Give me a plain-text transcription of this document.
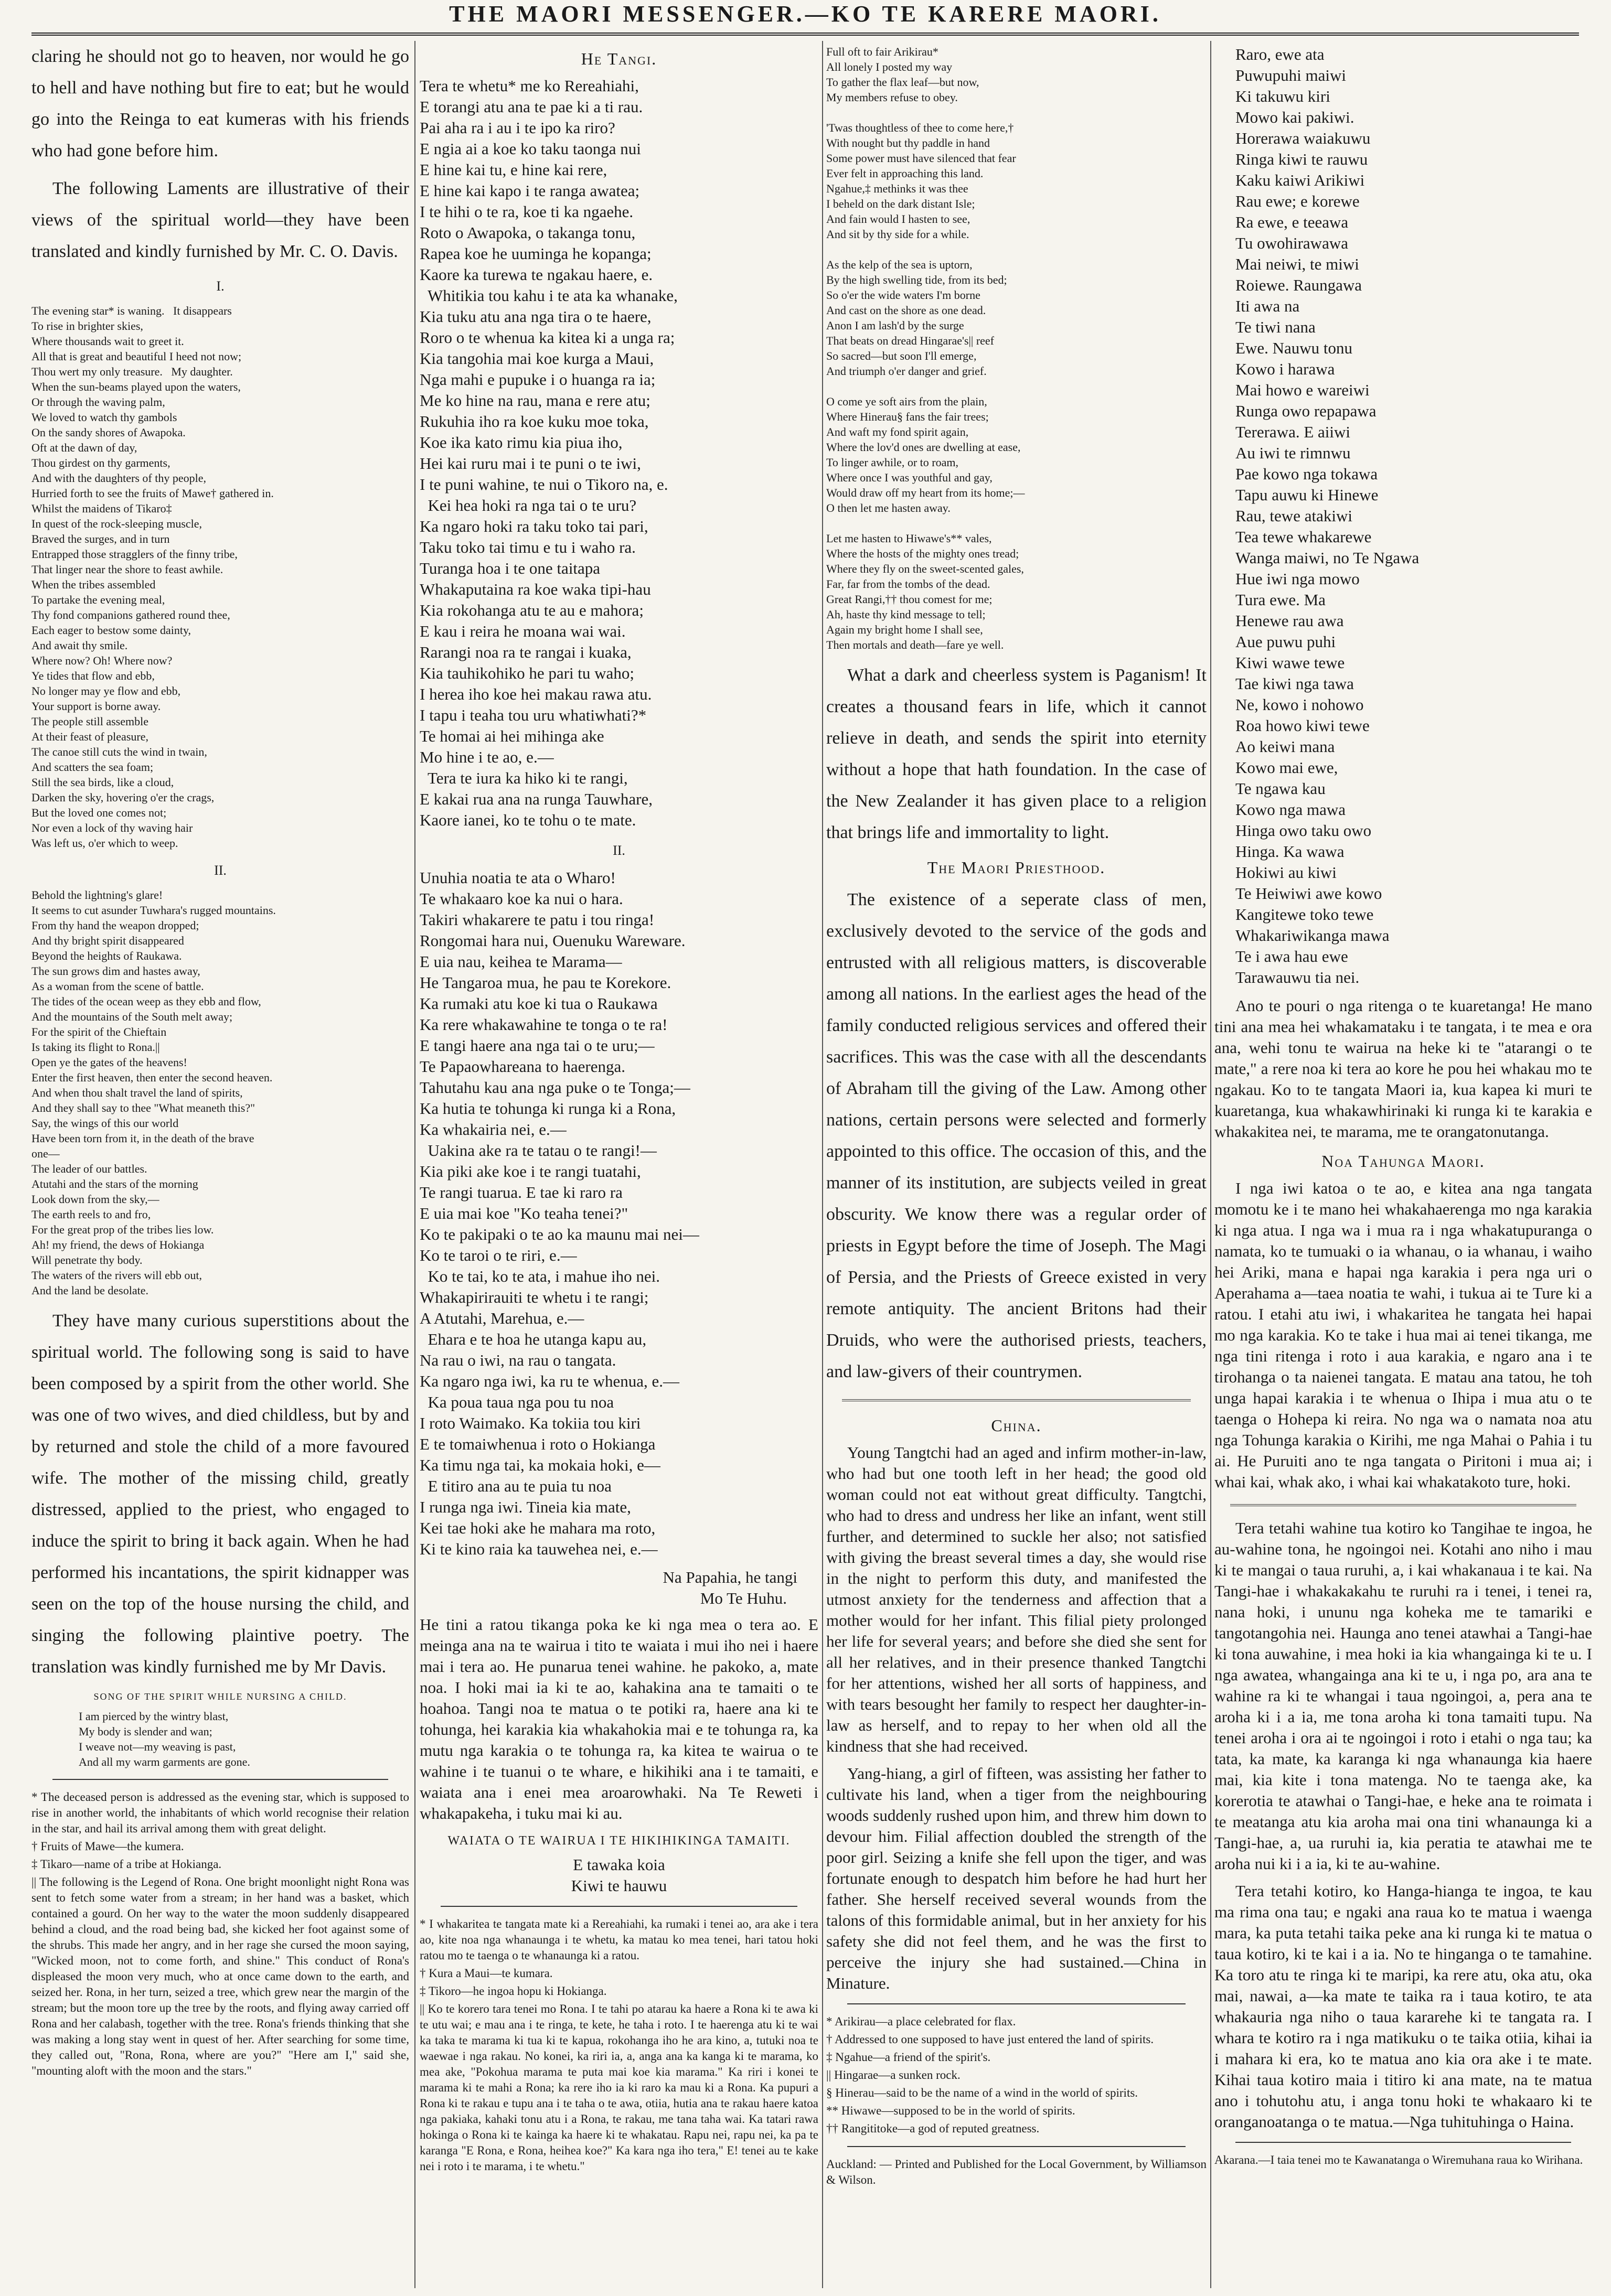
THE MAORI MESSENGER.—KO TE KARERE MAORI.

claring he should not go to heaven, nor would he go to hell and have nothing but fire to eat; but he would go into the Reinga to eat kumeras with his friends who had gone before him.

The following Laments are illustrative of their views of the spiritual world—they have been translated and kindly furnished by Mr. C. O. Davis.

I.
The evening star* is waning.   It disappears
To rise in brighter skies,
Where thousands wait to greet it.
All that is great and beautiful I heed not now;
Thou wert my only treasure.   My daughter.
When the sun-beams played upon the waters,
Or through the waving palm,
We loved to watch thy gambols
On the sandy shores of Awapoka.
Oft at the dawn of day,
Thou girdest on thy garments,
And with the daughters of thy people,
Hurried forth to see the fruits of Mawe† gathered in.
Whilst the maidens of Tikaro‡
In quest of the rock-sleeping muscle,
Braved the surges, and in turn
Entrapped those stragglers of the finny tribe,
That linger near the shore to feast awhile.
When the tribes assembled
To partake the evening meal,
Thy fond companions gathered round thee,
Each eager to bestow some dainty,
And await thy smile.
Where now? Oh! Where now?
Ye tides that flow and ebb,
No longer may ye flow and ebb,
Your support is borne away.
The people still assemble
At their feast of pleasure,
The canoe still cuts the wind in twain,
And scatters the sea foam;
Still the sea birds, like a cloud,
Darken the sky, hovering o'er the crags,
But the loved one comes not;
Nor even a lock of thy waving hair
Was left us, o'er which to weep.
II.
Behold the lightning's glare!
It seems to cut asunder Tuwhara's rugged mountains.
From thy hand the weapon dropped;
And thy bright spirit disappeared
Beyond the heights of Raukawa.
The sun grows dim and hastes away,
As a woman from the scene of battle.
The tides of the ocean weep as they ebb and flow,
And the mountains of the South melt away;
For the spirit of the Chieftain
Is taking its flight to Rona.||
Open ye the gates of the heavens!
Enter the first heaven, then enter the second heaven.
And when thou shalt travel the land of spirits,
And they shall say to thee "What meaneth this?"
Say, the wings of this our world
Have been torn from it, in the death of the brave
one—
The leader of our battles.
Atutahi and the stars of the morning
Look down from the sky,—
The earth reels to and fro,
For the great prop of the tribes lies low.
Ah! my friend, the dews of Hokianga
Will penetrate thy body.
The waters of the rivers will ebb out,
And the land be desolate.

They have many curious superstitions about the spiritual world. The following song is said to have been composed by a spirit from the other world. She was one of two wives, and died childless, but by and by returned and stole the child of a more favoured wife. The mother of the missing child, greatly distressed, applied to the priest, who engaged to induce the spirit to bring it back again. When he had performed his incantations, the spirit kidnapper was seen on the top of the house nursing the child, and singing the following plaintive poetry. The translation was kindly furnished me by Mr Davis.

SONG OF THE SPIRIT WHILE NURSING A CHILD.
I am pierced by the wintry blast,
My body is slender and wan;
I weave not—my weaving is past,
And all my warm garments are gone.

* The deceased person is addressed as the evening star, which is supposed to rise in another world, the inhabitants of which world recognise their relation in the star, and hail its arrival among them with great delight.

† Fruits of Mawe—the kumera.

‡ Tikaro—name of a tribe at Hokianga.

|| The following is the Legend of Rona. One bright moonlight night Rona was sent to fetch some water from a stream; in her hand was a basket, which contained a gourd. On her way to the water the moon suddenly disappeared behind a cloud, and the road being bad, she kicked her foot against some of the shrubs. This made her angry, and in her rage she cursed the moon saying, "Wicked moon, not to come forth, and shine." This conduct of Rona's displeased the moon very much, who at once came down to the earth, and seized her. Rona, in her turn, seized a tree, which grew near the margin of the stream; but the moon tore up the tree by the roots, and flying away carried off Rona and her calabash, together with the tree. Rona's friends thinking that she was making a long stay went in quest of her. After searching for some time, they called out, "Rona, Rona, where are you?" "Here am I," said she, "mounting aloft with the moon and the stars."

He Tangi.
Tera te whetu* me ko Rereahiahi,
E torangi atu ana te pae ki a ti rau.
Pai aha ra i au i te ipo ka riro?
E ngia ai a koe ko taku taonga nui
E hine kai tu, e hine kai rere,
E hine kai kapo i te ranga awatea;
I te hihi o te ra, koe ti ka ngaehe.
Roto o Awapoka, o takanga tonu,
Rapea koe he uuminga he kopanga;
Kaore ka turewa te ngakau haere, e.
Whitikia tou kahu i te ata ka whanake,
Kia tuku atu ana nga tira o te haere,
Roro o te whenua ka kitea ki a unga ra;
Kia tangohia mai koe kurga a Maui,
Nga mahi e pupuke i o huanga ra ia;
Me ko hine na rau, mana e rere atu;
Rukuhia iho ra koe kuku moe toka,
Koe ika kato rimu kia piua iho,
Hei kai ruru mai i te puni o te iwi,
I te puni wahine, te nui o Tikoro na, e.
Kei hea hoki ra nga tai o te uru?
Ka ngaro hoki ra taku toko tai pari,
Taku toko tai timu e tu i waho ra.
Turanga hoa i te one taitapa
Whakaputaina ra koe waka tipi-hau
Kia rokohanga atu te au e mahora;
E kau i reira he moana wai wai.
Rarangi noa ra te rangai i kuaka,
Kia tauhikohiko he pari tu waho;
I herea iho koe hei makau rawa atu.
I tapu i teaha tou uru whatiwhati?*
Te homai ai hei mihinga ake
Mo hine i te ao, e.—
Tera te iura ka hiko ki te rangi,
E kakai rua ana na runga Tauwhare,
Kaore ianei, ko te tohu o te mate.
II.
Unuhia noatia te ata o Wharo!
Te whakaaro koe ka nui o hara.
Takiri whakarere te patu i tou ringa!
Rongomai hara nui, Ouenuku Wareware.
E uia nau, keihea te Marama—
He Tangaroa mua, he pau te Korekore.
Ka rumaki atu koe ki tua o Raukawa
Ka rere whakawahine te tonga o te ra!
E tangi haere ana nga tai o te uru;—
Te Papaowhareana to haerenga.
Tahutahu kau ana nga puke o te Tonga;—
Ka hutia te tohunga ki runga ki a Rona,
Ka whakairia nei, e.—
Uakina ake ra te tatau o te rangi!—
Kia piki ake koe i te rangi tuatahi,
Te rangi tuarua. E tae ki raro ra
E uia mai koe "Ko teaha tenei?"
Ko te pakipaki o te ao ka maunu mai nei—
Ko te taroi o te riri, e.—
Ko te tai, ko te ata, i mahue iho nei.
Whakapirirauiti te whetu i te rangi;
A Atutahi, Marehua, e.—
Ehara e te hoa he utanga kapu au,
Na rau o iwi, na rau o tangata.
Ka ngaro nga iwi, ka ru te whenua, e.—
Ka poua taua nga pou tu noa
I roto Waimako. Ka tokiia tou kiri
E te tomaiwhenua i roto o Hokianga
Ka timu nga tai, ka mokaia hoki, e—
E titiro ana au te puia tu noa
I runga nga iwi. Tineia kia mate,
Kei tae hoki ake he mahara ma roto,
Ki te kino raia ka tauwehea nei, e.—
Na Papahia, he tangi
Mo Te Huhu.

He tini a ratou tikanga poka ke ki nga mea o tera ao. E meinga ana na te wairua i tito te waiata i mui iho nei i haere mai i tera ao. He punarua tenei wahine. he pakoko, a, mate noa. I hoki mai ia ki te ao, kahakina ana te tamaiti o te hoahoa. Tangi noa te matua o te potiki ra, haere ana ki te tohunga, hei karakia kia whakahokia mai e te tohunga ra, ka mutu nga karakia o te tohunga ra, ka kitea te wairua o te wahine i te tuanui o te whare, e hikihiki ana i te tamaiti, e waiata ana i enei mea aroarowhaki. Na Te Reweti i whakapakeha, i tuku mai ki au.

WAIATA O TE WAIRUA I TE HIKIHIKINGA TAMAITI.
E tawaka koia
Kiwi te hauwu

* I whakaritea te tangata mate ki a Rereahiahi, ka rumaki i tenei ao, ara ake i tera ao, kite noa nga whanaunga i te whetu, ka matau ko mea tenei, hari tatou hoki ratou mo te taenga o te whanaunga ki a ratou.

† Kura a Maui—te kumara.

‡ Tikoro—he ingoa hopu ki Hokianga.

|| Ko te korero tara tenei mo Rona. I te tahi po atarau ka haere a Rona ki te awa ki te utu wai; e mau ana i te ringa, te kete, he taha i roto. I te haerenga atu ki te wai ka taka te marama ki tua ki te kapua, rokohanga iho he ara kino, a, tutuki noa te waewae i nga rakau. No konei, ka riri ia, a, anga ana ka kanga ki te marama, ko mea ake, "Pokohua marama te puta mai koe kia marama." Ka riri i konei te marama ki te mahi a Rona; ka rere iho ia ki raro ka mau ki a Rona. Ka pupuri a Rona ki te rakau e tupu ana i te taha o te awa, otiia, hutia ana te rakau haere katoa nga pakiaka, kahaki tonu atu i a Rona, te rakau, me tana taha wai. Ka tatari rawa hokinga o Rona ki te kainga ka haere ki te whakatau. Rapu nei, rapu nei, ka pa te karanga "E Rona, e Rona, heihea koe?" Ka kara nga iho tera," E! tenei au te kake nei i roto i te marama, i te whetu."

Full oft to fair Arikirau*
All lonely I posted my way
To gather the flax leaf—but now,
My members refuse to obey.

'Twas thoughtless of thee to come here,†
With nought but thy paddle in hand
Some power must have silenced that fear
Ever felt in approaching this land.
Ngahue,‡ methinks it was thee
I beheld on the dark distant Isle;
And fain would I hasten to see,
And sit by thy side for a while.

As the kelp of the sea is uptorn,
By the high swelling tide, from its bed;
So o'er the wide waters I'm borne
And cast on the shore as one dead.
Anon I am lash'd by the surge
That beats on dread Hingarae's|| reef
So sacred—but soon I'll emerge,
And triumph o'er danger and grief.

O come ye soft airs from the plain,
Where Hinerau§ fans the fair trees;
And waft my fond spirit again,
Where the lov'd ones are dwelling at ease,
To linger awhile, or to roam,
Where once I was youthful and gay,
Would draw off my heart from its home;—
O then let me hasten away.

Let me hasten to Hiwawe's** vales,
Where the hosts of the mighty ones tread;
Where they fly on the sweet-scented gales,
Far, far from the tombs of the dead.
Great Rangi,†† thou comest for me;
Ah, haste thy kind message to tell;
Again my bright home I shall see,
Then mortals and death—fare ye well.

What a dark and cheerless system is Paganism! It creates a thousand fears in life, which it cannot relieve in death, and sends the spirit into eternity without a hope that hath foundation. In the case of the New Zealander it has given place to a religion that brings life and immortality to light.

The Maori Priesthood.

The existence of a seperate class of men, exclusively devoted to the service of the gods and entrusted with all religious matters, is discoverable among all nations. In the earliest ages the head of the family conducted religious services and offered their sacrifices. This was the case with all the descendants of Abraham till the giving of the Law. Among other nations, certain persons were selected and formerly appointed to this office. The occasion of this, and the manner of its institution, are subjects veiled in great obscurity. We know there was a regular order of priests in Egypt before the time of Joseph. The Magi of Persia, and the Priests of Greece existed in very remote antiquity. The ancient Britons had their Druids, who were the authorised priests, teachers, and law-givers of their countrymen.

China.

Young Tangtchi had an aged and infirm mother-in-law, who had but one tooth left in her head; the good old woman could not eat without great difficulty. Tangtchi, who had to dress and undress her like an infant, went still further, and determined to suckle her also; not satisfied with giving the breast several times a day, she would rise in the night to perform this duty, and manifested the utmost anxiety for the tenderness and affection that a mother would for her infant. This filial piety prolonged her life for several years; and before she died she sent for all her relatives, and in their presence thanked Tangtchi for her attentions, wished her all sorts of happiness, and with tears besought her family to respect her daughter-in-law as herself, and to repay to her when old all the kindness that she had received.

Yang-hiang, a girl of fifteen, was assisting her father to cultivate his land, when a tiger from the neighbouring woods suddenly rushed upon him, and threw him down to devour him. Filial affection doubled the strength of the poor girl. Seizing a knife she fell upon the tiger, and was fortunate enough to despatch him before he had hurt her father. She herself received several wounds from the talons of this formidable animal, but in her anxiety for his safety she did not feel them, and he was the first to perceive the injury she had sustained.—China in Minature.

* Arikirau—a place celebrated for flax.

† Addressed to one supposed to have just entered the land of spirits.

‡ Ngahue—a friend of the spirit's.

|| Hingarae—a sunken rock.

§ Hinerau—said to be the name of a wind in the world of spirits.

** Hiwawe—supposed to be in the world of spirits.

†† Rangititoke—a god of reputed greatness.

Auckland: — Printed and Published for the Local Government, by Williamson & Wilson.

Raro, ewe ata
Puwupuhi maiwi
Ki takuwu kiri
Mowo kai pakiwi.
Horerawa waiakuwu
Ringa kiwi te rauwu
Kaku kaiwi Arikiwi
Rau ewe; e korewe
Ra ewe, e teeawa
Tu owohirawawa
Mai neiwi, te miwi
Roiewe. Raungawa
Iti awa na
Te tiwi nana
Ewe. Nauwu tonu
Kowo i harawa
Mai howo e wareiwi
Runga owo repapawa
Tererawa. E aiiwi
Au iwi te rimnwu
Pae kowo nga tokawa
Tapu auwu ki Hinewe
Rau, tewe atakiwi
Tea tewe whakarewe
Wanga maiwi, no Te Ngawa
Hue iwi nga mowo
Tura ewe. Ma
Henewe rau awa
Aue puwu puhi
Kiwi wawe tewe
Tae kiwi nga tawa
Ne, kowo i nohowo
Roa howo kiwi tewe
Ao keiwi mana
Kowo mai ewe,
Te ngawa kau
Kowo nga mawa
Hinga owo taku owo
Hinga. Ka wawa
Hokiwi au kiwi
Te Heiwiwi awe kowo
Kangitewe toko tewe
Whakariwikanga mawa
Te i awa hau ewe
Tarawauwu tia nei.

Ano te pouri o nga ritenga o te kuaretanga! He mano tini ana mea hei whakamataku i te tangata, i te mea e ora ana, wehi tonu te wairua na heke ki te "atarangi o te mate," a rere noa ki tera ao kore he pou hei whakau mo te ngakau. Ko to te tangata Maori ia, kua kapea ki muri te kuaretanga, kua whakawhirinaki ki runga ki te karakia e whakakitea nei, te marama, me te orangatonutanga.

Noa Tahunga Maori.

I nga iwi katoa o te ao, e kitea ana nga tangata momotu ke i te mano hei whakahaerenga mo nga karakia ki nga atua. I nga wa i mua ra i nga whakatupuranga o namata, ko te tumuaki o ia whanau, o ia whanau, i waiho hei Ariki, mana e hapai nga karakia i pera nga uri o Aperahama a—taea noatia te wahi, i tukua ai te Ture ki a ratou. I etahi atu iwi, i whakaritea he tangata hei hapai mo nga karakia. Ko te take i hua mai ai tenei tikanga, me nga tini ritenga i roto i aua karakia, e ngaro ana i te tirohanga o ta naienei tangata. E matau ana tatou, he toh unga hapai karakia i te whenua o Ihipa i mua atu o te taenga o Hohepa ki reira. No nga wa o namata noa atu nga Tohunga karakia o Kirihi, me nga Mahai o Pahia i tu ai. He Puruiti ano te nga tangata o Piritoni i mua ai; i whai kai, whak ako, i whai kai whakatakoto ture, hoki.

Tera tetahi wahine tua kotiro ko Tangihae te ingoa, he au-wahine tona, he ngoingoi nei. Kotahi ano niho i mau ki te mangai o taua ruruhi, a, i kai whakanaua i te kai. Na Tangi-hae i whakakakahu te ruruhi ra i tenei, i tenei ra, nana hoki, i ununu nga koheka me te tamariki e tangotangohia nei. Haunga ano tenei atawhai a Tangi-hae ki tona auwahine, i mea hoki ia kia whangainga ki te u. I nga awatea, whangainga ana ki te u, i nga po, ara ana te wahine ra ki te whangai i taua ngoingoi, a, pera ana te aroha ki i a ia, me tona aroha ki tona tamaiti tupu. Na tenei aroha i ora ai te ngoingoi i roto i etahi o nga tau; ka tata, ka mate, ka karanga ki nga whanaunga kia haere mai, kia kite i tona matenga. No te taenga ake, ka korerotia te atawhai o Tangi-hae, e heke ana te roimata i te meatanga atu kia aroha mai ona tini whanaunga ki a Tangi-hae, a, ua ruruhi ia, kia peratia te atawhai me te aroha nui ki i a ia, ki te au-wahine.

Tera tetahi kotiro, ko Hanga-hianga te ingoa, te kau ma rima ona tau; e ngaki ana raua ko te matua i waenga mara, ka puta tetahi taika peke ana ki runga ki te matua o taua kotiro, ki te kai i a ia. No te hinganga o te tamahine. Ka toro atu te ringa ki te maripi, ka rere atu, oka atu, oka mai, nawai, a—ka mate te taika ra i taua kotiro, te ata whakauria nga niho o taua kararehe ki te tangata ra. I whara te kotiro ra i nga matikuku o te taika otiia, kihai ia i mahara ki era, ko te matua ano kia ora ake i te mate. Kihai taua kotiro maia i titiro ki ana mate, na te matua ano i tohutohu atu, i anga tonu hoki te whakaaro ki te oranganoatanga o te matua.—Nga tuhituhinga o Haina.

Akarana.—I taia tenei mo te Kawanatanga o Wiremuhana raua ko Wirihana.
